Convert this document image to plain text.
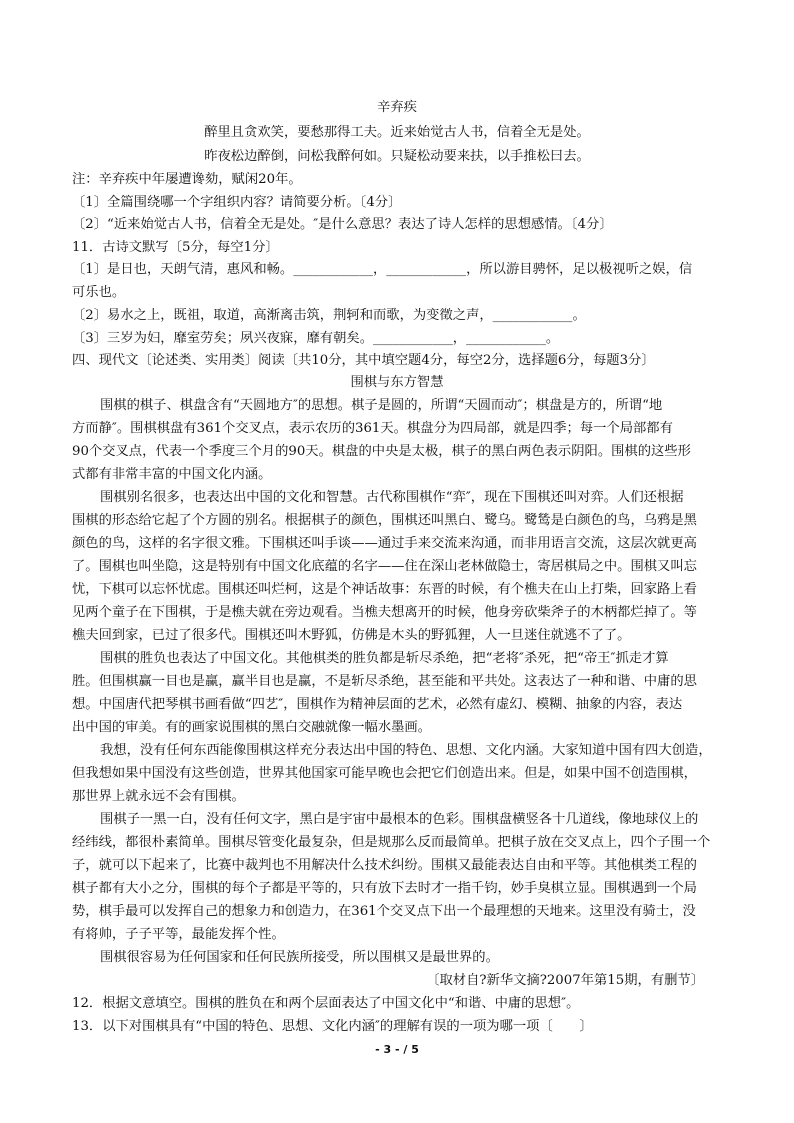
辛弃疾
醉里且贪欢笑，要愁那得工夫。近来始觉古人书，信着全无是处。
昨夜松边醉倒，问松我醉何如。只疑松动要来扶，以手推松曰去。
注：辛弃疾中年屡遭谗劾，赋闲20年。
〔1〕全篇围绕哪一个字组织内容？请简要分析。〔4分〕
〔2〕“近来始觉古人书，信着全无是处。″是什么意思？表达了诗人怎样的思想感情。〔4分〕
11．古诗文默写〔5分，每空1分〕
〔1〕是日也，天朗气清，惠风和畅。____________，____________，所以游目骋怀，足以极视听之娱，信
可乐也。
〔2〕易水之上，既祖，取道，高渐离击筑，荆轲和而歌，为变徵之声，____________。
〔3〕三岁为妇，靡室劳矣；夙兴夜寐，靡有朝矣。____________，____________。
四、现代文〔论述类、实用类〕阅读〔共10分，其中填空题4分，每空2分，选择题6分，每题3分〕
围棋与东方智慧
围棋的棋子、棋盘含有“天圆地方″的思想。棋子是圆的，所谓“天圆而动″；棋盘是方的，所谓“地
方而静″。围棋棋盘有361个交叉点，表示农历的361天。棋盘分为四局部，就是四季；每一个局部都有
90个交叉点，代表一个季度三个月的90天。棋盘的中央是太极，棋子的黑白两色表示阴阳。围棋的这些形
式都有非常丰富的中国文化内涵。
围棋别名很多，也表达出中国的文化和智慧。古代称围棋作“弈″，现在下围棋还叫对弈。人们还根据
围棋的形态给它起了个方圆的别名。根据棋子的颜色，围棋还叫黑白、鹭乌。鹭鸶是白颜色的鸟，乌鸦是黑
颜色的鸟，这样的名字很文雅。下围棋还叫手谈——通过手来交流来沟通，而非用语言交流，这层次就更高
了。围棋也叫坐隐，这是特别有中国文化底蕴的名字——住在深山老林做隐士，寄居棋局之中。围棋又叫忘
忧，下棋可以忘怀忧虑。围棋还叫烂柯，这是个神话故事：东晋的时候，有个樵夫在山上打柴，回家路上看
见两个童子在下围棋，于是樵夫就在旁边观看。当樵夫想离开的时候，他身旁砍柴斧子的木柄都烂掉了。等
樵夫回到家，已过了很多代。围棋还叫木野狐，仿佛是木头的野狐狸，人一旦迷住就逃不了了。
围棋的胜负也表达了中国文化。其他棋类的胜负都是斩尽杀绝，把“老将″杀死，把“帝王″抓走才算
胜。但围棋赢一目也是赢，赢半目也是赢，不是斩尽杀绝，甚至能和平共处。这表达了一种和谐、中庸的思
想。中国唐代把琴棋书画看做“四艺″，围棋作为精神层面的艺术，必然有虚幻、模糊、抽象的内容，表达
出中国的审美。有的画家说围棋的黑白交融就像一幅水墨画。
我想，没有任何东西能像围棋这样充分表达出中国的特色、思想、文化内涵。大家知道中国有四大创造，
但我想如果中国没有这些创造，世界其他国家可能早晚也会把它们创造出来。但是，如果中国不创造围棋，
那世界上就永远不会有围棋。
围棋子一黑一白，没有任何文字，黑白是宇宙中最根本的色彩。围棋盘横竖各十几道线，像地球仪上的
经纬线，都很朴素简单。围棋尽管变化最复杂，但是规那么反而最简单。把棋子放在交叉点上，四个子围一个
子，就可以下起来了，比赛中裁判也不用解决什么技术纠纷。围棋又最能表达自由和平等。其他棋类工程的
棋子都有大小之分，围棋的每个子都是平等的，只有放下去时才一指千钧，妙手臭棋立显。围棋遇到一个局
势，棋手最可以发挥自己的想象力和创造力，在361个交叉点下出一个最理想的天地来。这里没有骑士，没
有将帅，子子平等，最能发挥个性。
围棋很容易为任何国家和任何民族所接受，所以围棋又是最世界的。
〔取材自?新华文摘?2007年第15期，有删节〕
12．根据文意填空。围棋的胜负在和两个层面表达了中国文化中“和谐、中庸的思想″。
13．以下对围棋具有“中国的特色、思想、文化内涵″的理解有误的一项为哪一项〔　　〕
- 3 - / 5
